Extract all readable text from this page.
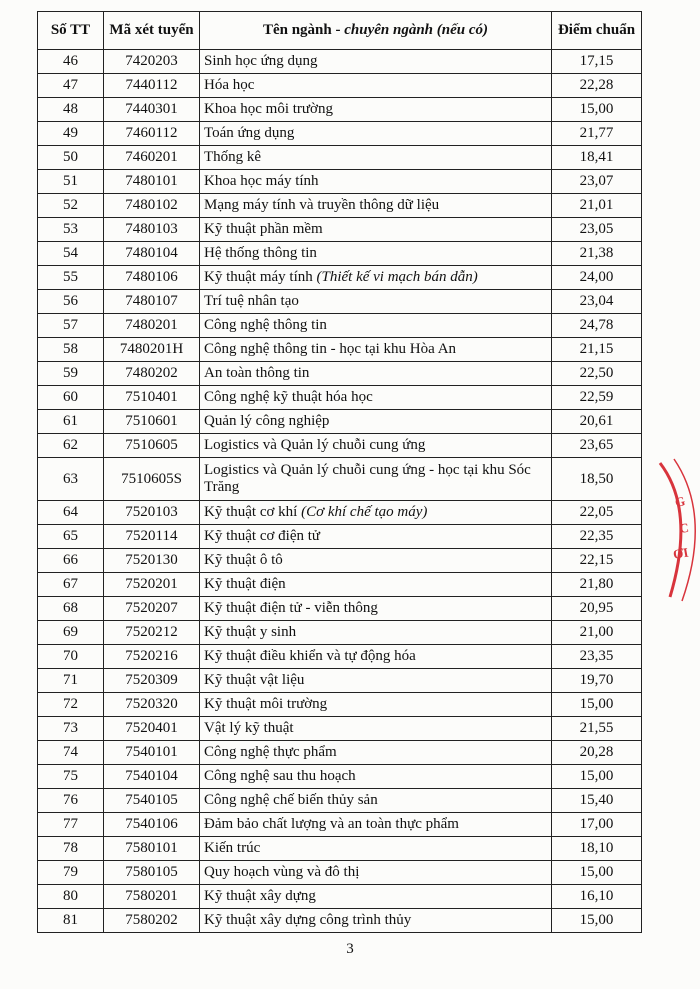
Số TT	Mã xét tuyển	Tên ngành - chuyên ngành (nếu có)	Điểm chuẩn
46	7420203	Sinh học ứng dụng	17,15
47	7440112	Hóa học	22,28
48	7440301	Khoa học môi trường	15,00
49	7460112	Toán ứng dụng	21,77
50	7460201	Thống kê	18,41
51	7480101	Khoa học máy tính	23,07
52	7480102	Mạng máy tính và truyền thông dữ liệu	21,01
53	7480103	Kỹ thuật phần mềm	23,05
54	7480104	Hệ thống thông tin	21,38
55	7480106	Kỹ thuật máy tính (Thiết kế vi mạch bán dẫn)	24,00
56	7480107	Trí tuệ nhân tạo	23,04
57	7480201	Công nghệ thông tin	24,78
58	7480201H	Công nghệ thông tin - học tại khu Hòa An	21,15
59	7480202	An toàn thông tin	22,50
60	7510401	Công nghệ kỹ thuật hóa học	22,59
61	7510601	Quản lý công nghiệp	20,61
62	7510605	Logistics và Quản lý chuỗi cung ứng	23,65
63	7510605S	Logistics và Quản lý chuỗi cung ứng - học tại khu Sóc Trăng	18,50
64	7520103	Kỹ thuật cơ khí (Cơ khí chế tạo máy)	22,05
65	7520114	Kỹ thuật cơ điện tử	22,35
66	7520130	Kỹ thuật ô tô	22,15
67	7520201	Kỹ thuật điện	21,80
68	7520207	Kỹ thuật điện tử - viễn thông	20,95
69	7520212	Kỹ thuật y sinh	21,00
70	7520216	Kỹ thuật điều khiển và tự động hóa	23,35
71	7520309	Kỹ thuật vật liệu	19,70
72	7520320	Kỹ thuật môi trường	15,00
73	7520401	Vật lý kỹ thuật	21,55
74	7540101	Công nghệ thực phẩm	20,28
75	7540104	Công nghệ sau thu hoạch	15,00
76	7540105	Công nghệ chế biến thủy sản	15,40
77	7540106	Đảm bảo chất lượng và an toàn thực phẩm	17,00
78	7580101	Kiến trúc	18,10
79	7580105	Quy hoạch vùng và đô thị	15,00
80	7580201	Kỹ thuật xây dựng	16,10
81	7580202	Kỹ thuật xây dựng công trình thủy	15,00
G
C
ƠI
3
